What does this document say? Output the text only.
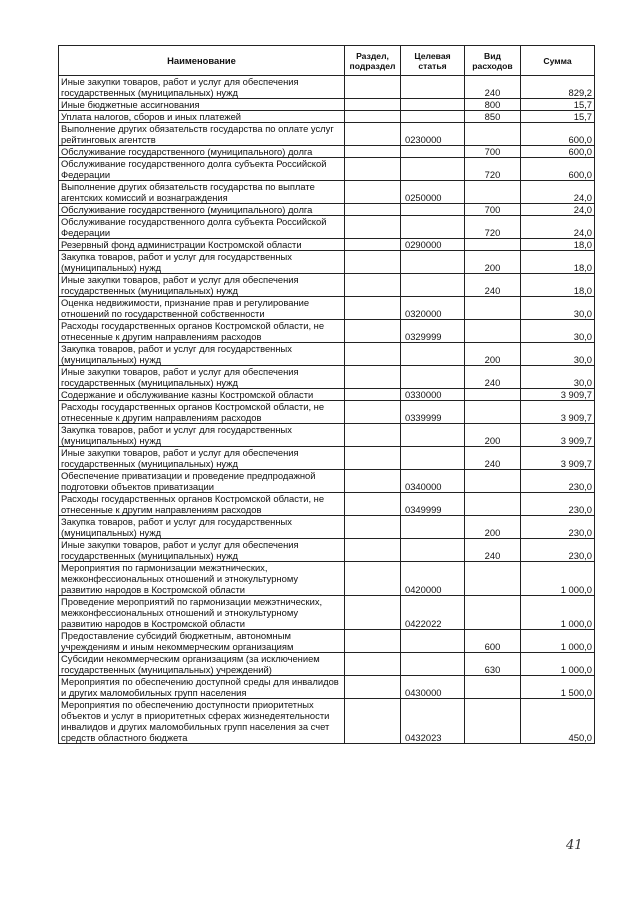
Наименование	Раздел, подраздел	Целевая статья	Вид расходов	Сумма
Иные закупки товаров, работ и услуг для обеспечения государственных (муниципальных) нужд			240	829,2
Иные бюджетные ассигнования			800	15,7
Уплата налогов, сборов и иных платежей			850	15,7
Выполнение других обязательств государства по оплате услуг рейтинговых агентств		0230000		600,0
Обслуживание государственного (муниципального) долга			700	600,0
Обслуживание государственного долга субъекта Российской Федерации			720	600,0
Выполнение других обязательств государства по выплате агентских комиссий и вознаграждения		0250000		24,0
Обслуживание государственного (муниципального) долга			700	24,0
Обслуживание государственного долга субъекта Российской Федерации			720	24,0
Резервный фонд администрации Костромской области		0290000		18,0
Закупка товаров, работ и услуг для государственных (муниципальных) нужд			200	18,0
Иные закупки товаров, работ и услуг для обеспечения государственных (муниципальных) нужд			240	18,0
Оценка недвижимости, признание прав и регулирование отношений по государственной собственности		0320000		30,0
Расходы государственных органов Костромской области, не отнесенные к другим направлениям расходов		0329999		30,0
Закупка товаров, работ и услуг для государственных (муниципальных) нужд			200	30,0
Иные закупки товаров, работ и услуг для обеспечения государственных (муниципальных) нужд			240	30,0
Содержание и обслуживание казны Костромской области		0330000		3 909,7
Расходы государственных органов Костромской области, не отнесенные к другим направлениям расходов		0339999		3 909,7
Закупка товаров, работ и услуг для государственных (муниципальных) нужд			200	3 909,7
Иные закупки товаров, работ и услуг для обеспечения государственных (муниципальных) нужд			240	3 909,7
Обеспечение приватизации и проведение предпродажной подготовки объектов приватизации		0340000		230,0
Расходы государственных органов Костромской области, не отнесенные к другим направлениям расходов		0349999		230,0
Закупка товаров, работ и услуг для государственных (муниципальных) нужд			200	230,0
Иные закупки товаров, работ и услуг для обеспечения государственных (муниципальных) нужд			240	230,0
Мероприятия по гармонизации межэтнических, межконфессиональных отношений и этнокультурному развитию народов в Костромской области		0420000		1 000,0
Проведение мероприятий по гармонизации межэтнических, межконфессиональных отношений и этнокультурному развитию народов в Костромской области		0422022		1 000,0
Предоставление субсидий бюджетным, автономным учреждениям и иным некоммерческим организациям			600	1 000,0
Субсидии некоммерческим организациям (за исключением государственных (муниципальных) учреждений)			630	1 000,0
Мероприятия по обеспечению доступной среды для инвалидов и других маломобильных групп населения		0430000		1 500,0
Мероприятия по обеспечению доступности приоритетных объектов и услуг в приоритетных сферах жизнедеятельности инвалидов и других маломобильных групп населения за счет средств областного бюджета		0432023		450,0
41
